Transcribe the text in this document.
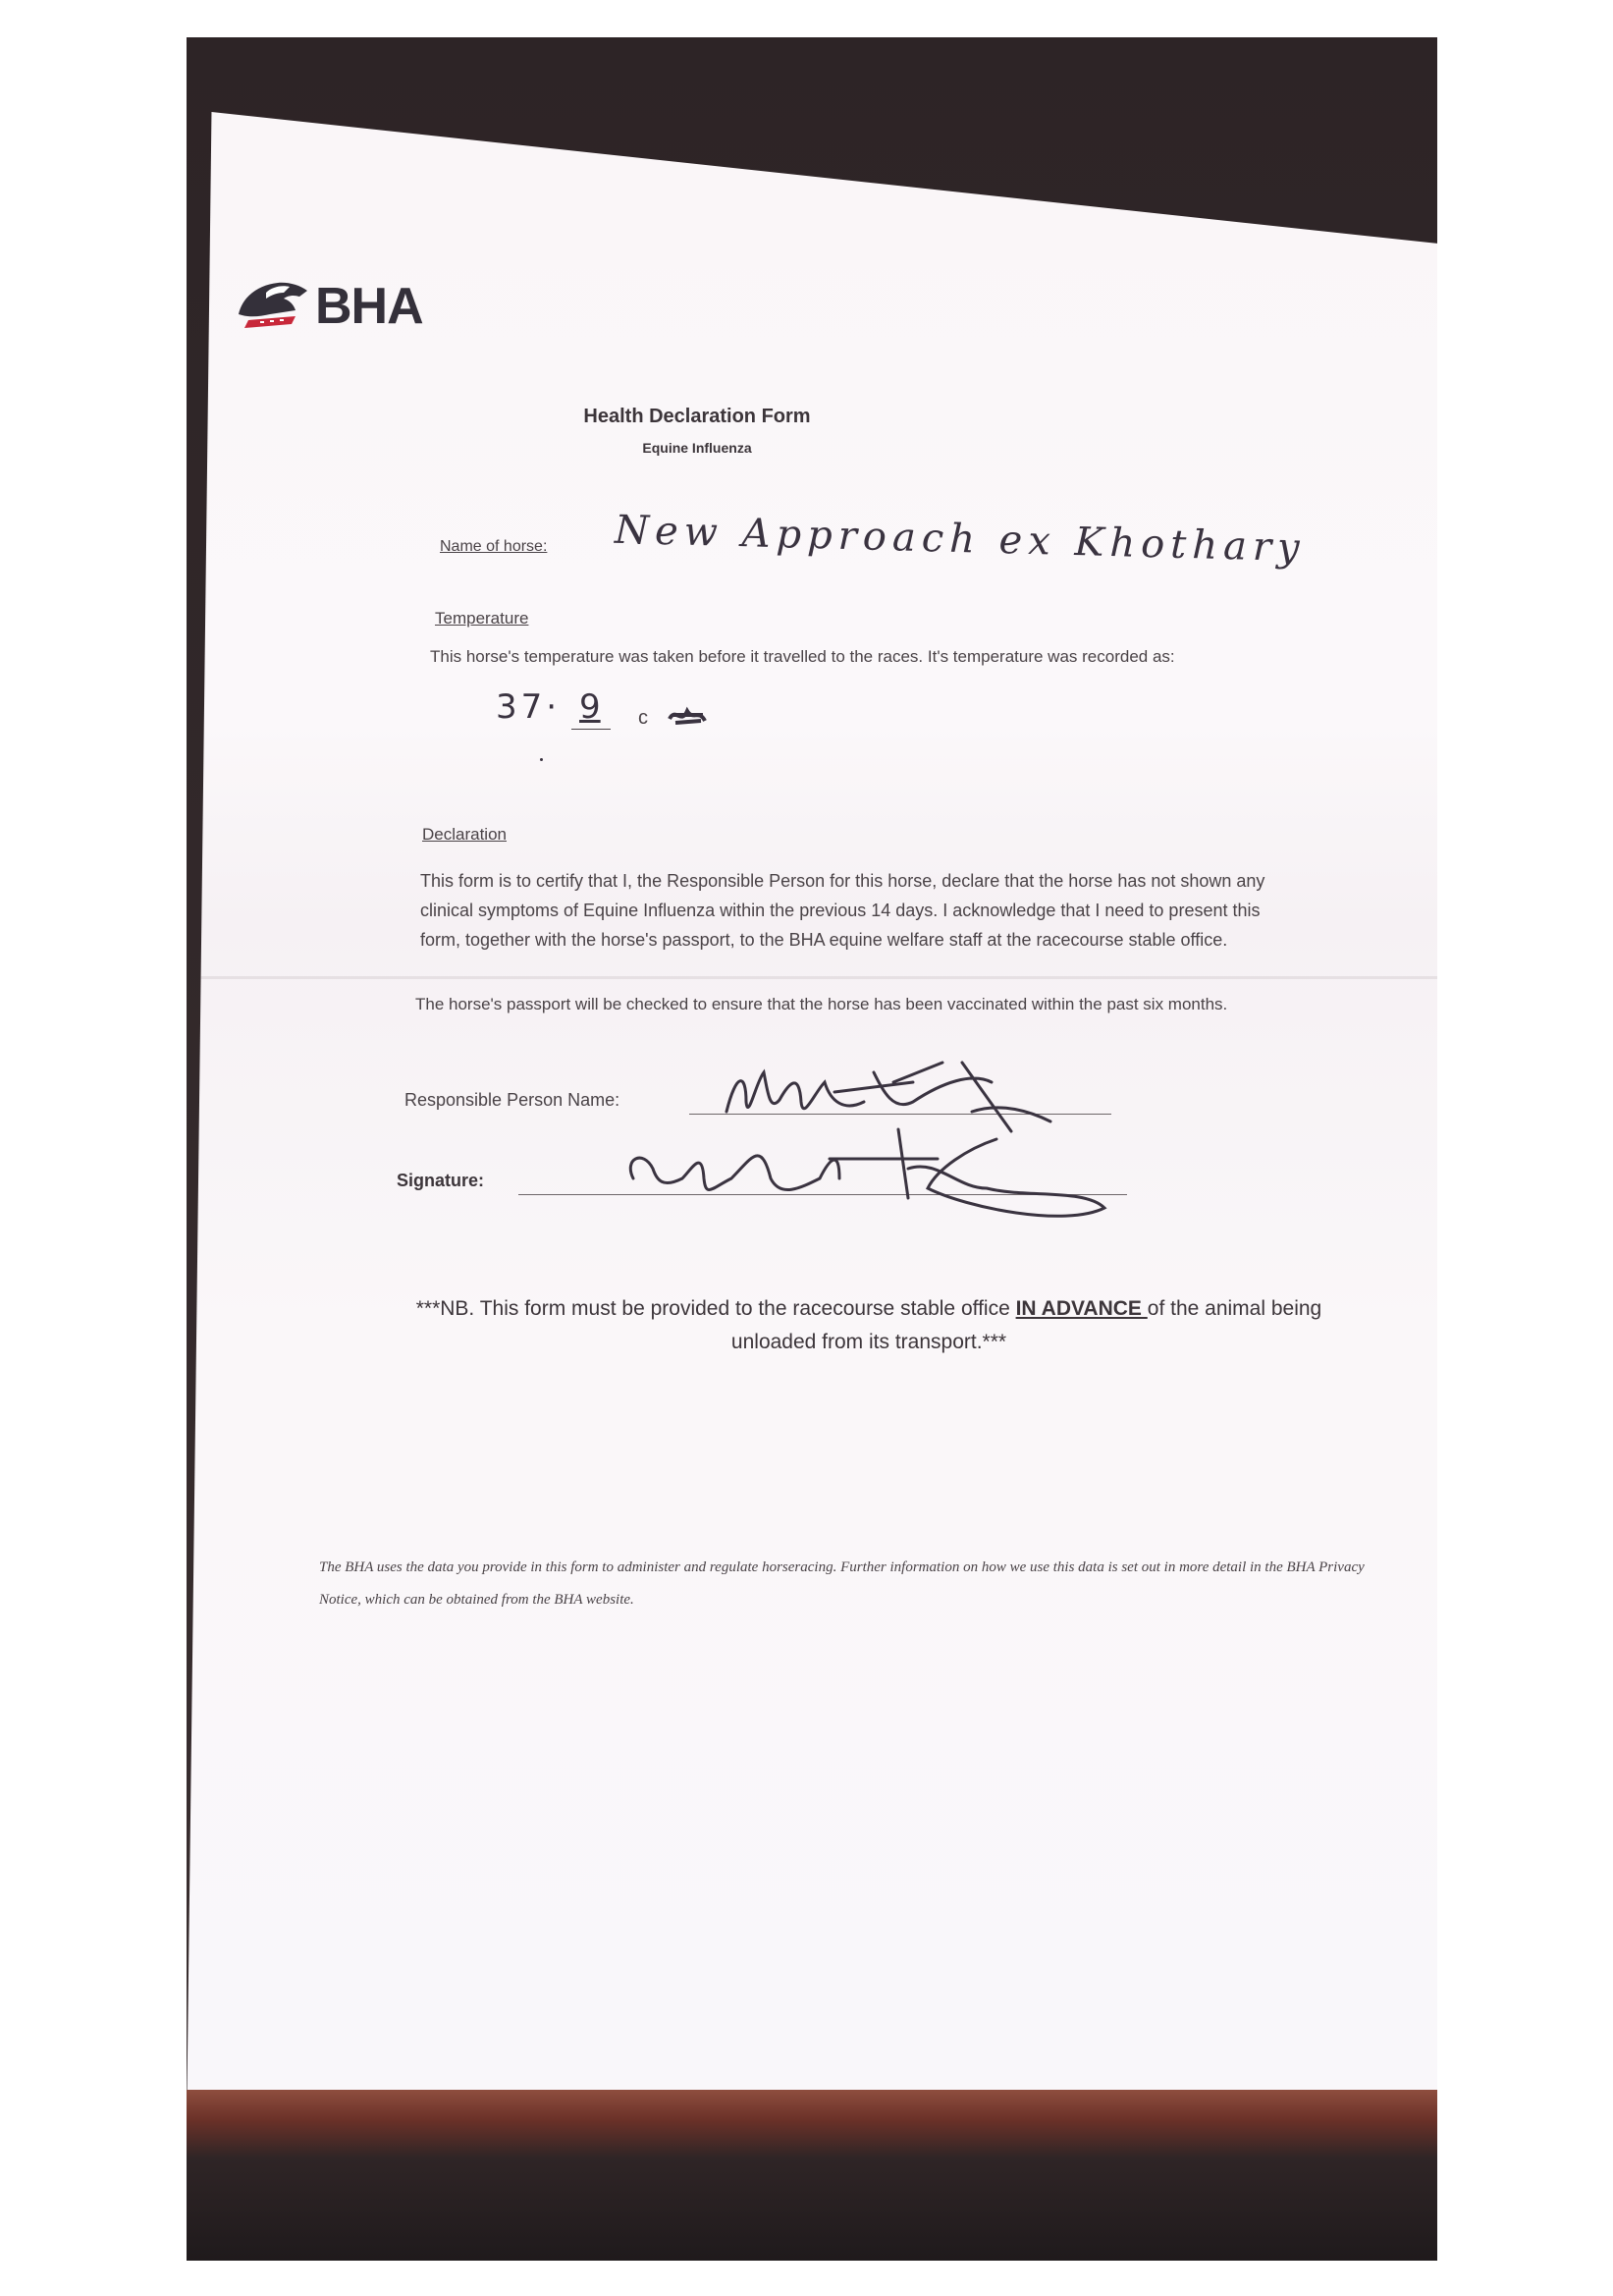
BHA
Health Declaration Form
Equine Influenza
Name of horse: New Approach ex Khothary
Temperature
This horse's temperature was taken before it travelled to the races. It's temperature was recorded as:
37· 9 c
Declaration
This form is to certify that I, the Responsible Person for this horse, declare that the horse has not shown any clinical symptoms of Equine Influenza within the previous 14 days. I acknowledge that I need to present this form, together with the horse's passport, to the BHA equine welfare staff at the racecourse stable office.
The horse's passport will be checked to ensure that the horse has been vaccinated within the past six months.
Responsible Person Name:
Signature:
***NB. This form must be provided to the racecourse stable office IN ADVANCE of the animal being unloaded from its transport.***
The BHA uses the data you provide in this form to administer and regulate horseracing. Further information on how we use this data is set out in more detail in the BHA Privacy Notice, which can be obtained from the BHA website.
